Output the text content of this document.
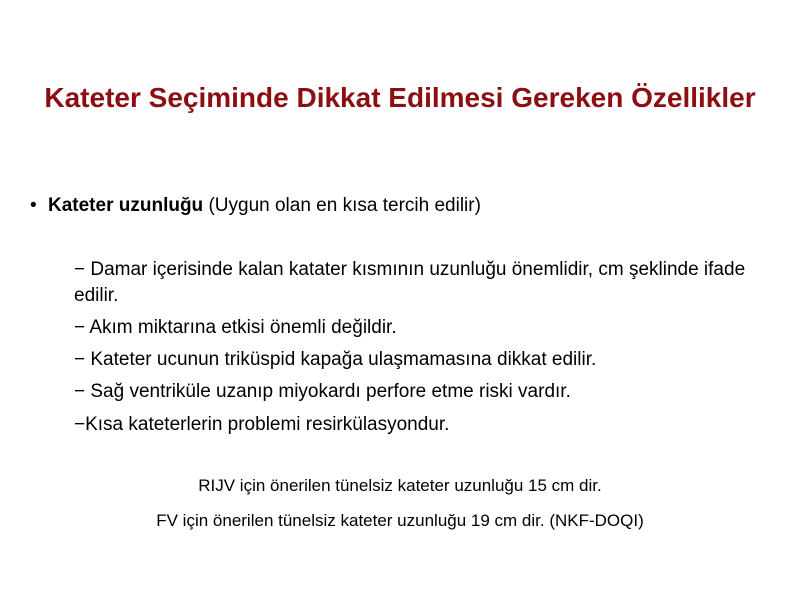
Kateter Seçiminde Dikkat Edilmesi Gereken Özellikler
• Kateter uzunluğu (Uygun olan en kısa tercih edilir)
− Damar içerisinde kalan katater kısmının uzunluğu önemlidir, cm şeklinde ifade edilir.
− Akım miktarına etkisi önemli değildir.
− Kateter ucunun triküspid kapağa ulaşmamasına dikkat edilir.
− Sağ ventriküle uzanıp miyokardı perfore etme riski vardır.
−Kısa kateterlerin problemi resirkülasyondur.
RIJV için önerilen tünelsiz kateter uzunluğu 15 cm dir.
FV için önerilen tünelsiz kateter uzunluğu 19 cm dir. (NKF-DOQI)
